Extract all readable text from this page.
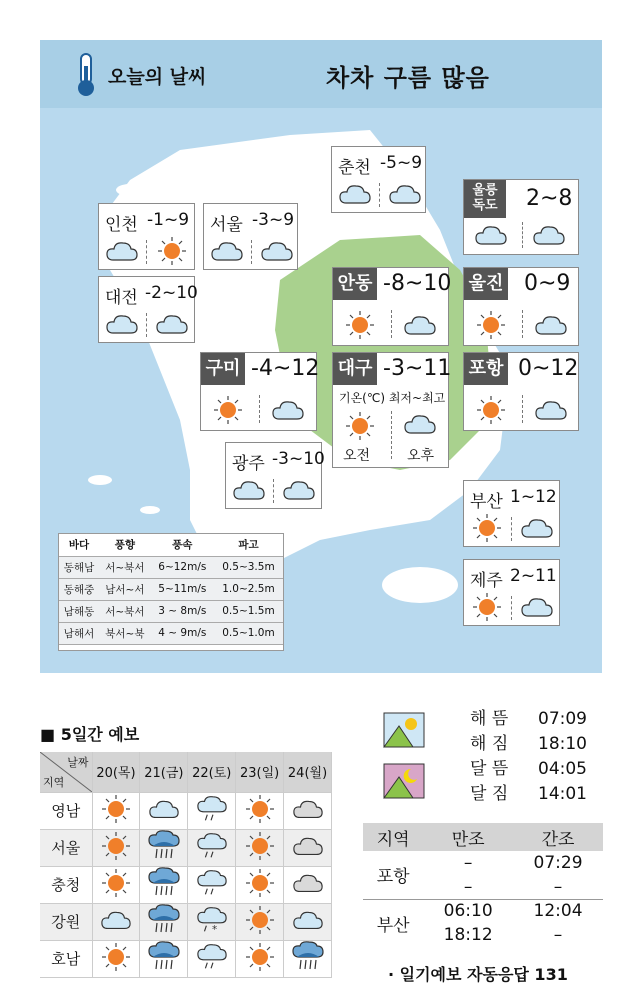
오늘의 날씨	차차 구름 많음
춘천 -5~9
인천 -1~9 서울 -3~9
대전 -2~10
울릉
독도	2~8
안동 -8~10 울진 0~9
구미 -4~12 대구 -3~11
기온(℃) 최저~최고
오전	오후
포항 0~12
광주 -3~10
부산 1~12
제주 2~11
바다	풍향	풍속	파고
동해남	서~북서	6~12m/s	0.5~3.5m
동해중	남서~서	5~11m/s	1.0~2.5m
남해동	서~북서	3 ~ 8m/s	0.5~1.5m
남해서	북서~북	4 ~ 9m/s	0.5~1.0m
■ 5일간 예보
날짜
지역	20(목)	21(금)	22(토)	23(일)	24(월)
영남					
서울					
충청					
강원			*

호남					
해 뜸 07:09
해 짐 18:10
달 뜸 04:05
달 짐 14:01
지역	만조	간조
포항	–	07:29
	–	–
부산	06:10	12:04
	18:12	–
· 일기예보 자동응답 131
